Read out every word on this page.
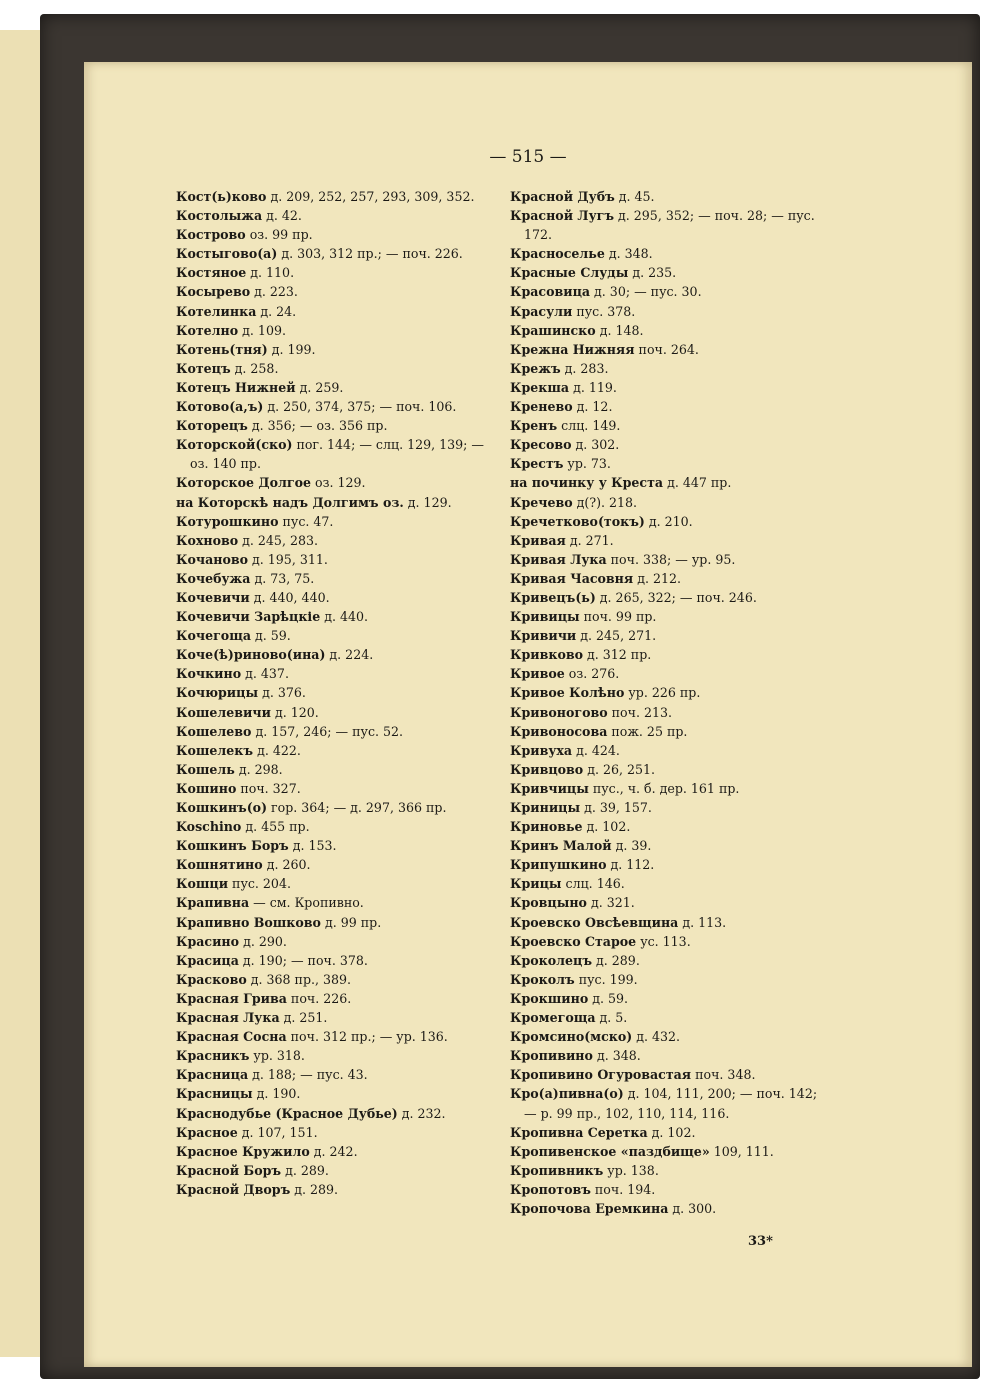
— 515 —

Кост(ь)ково д. 209, 252, 257, 293, 309, 352.

Костолыжа д. 42.

Кострово оз. 99 пр.

Костыгово(а) д. 303, 312 пр.; — поч. 226.

Костяное д. 110.

Косырево д. 223.

Котелинка д. 24.

Котелно д. 109.

Котень(тня) д. 199.

Котецъ д. 258.

Котецъ Нижней д. 259.

Котово(а,ъ) д. 250, 374, 375; — поч. 106.

Которецъ д. 356; — оз. 356 пр.

Которской(ско) пог. 144; — слц. 129, 139; — оз. 140 пр.

Которское Долгое оз. 129.

на Которскѣ надъ Долгимъ оз. д. 129.

Котурошкино пус. 47.

Кохново д. 245, 283.

Кочаново д. 195, 311.

Кочебужа д. 73, 75.

Кочевичи д. 440, 440.

Кочевичи Зарѣцкіе д. 440.

Кочегоща д. 59.

Коче(ѣ)риново(ина) д. 224.

Кочкино д. 437.

Кочюрицы д. 376.

Кошелевичи д. 120.

Кошелево д. 157, 246; — пус. 52.

Кошелекъ д. 422.

Кошель д. 298.

Кошино поч. 327.

Кошкинъ(о) гор. 364; — д. 297, 366 пр.

Koschino д. 455 пр.

Кошкинъ Боръ д. 153.

Кошнятино д. 260.

Кошци пус. 204.

Крапивна — см. Кропивно.

Крапивно Вошково д. 99 пр.

Красино д. 290.

Красица д. 190; — поч. 378.

Красково д. 368 пр., 389.

Красная Грива поч. 226.

Красная Лука д. 251.

Красная Сосна поч. 312 пр.; — ур. 136.

Красникъ ур. 318.

Красница д. 188; — пус. 43.

Красницы д. 190.

Краснодубье (Красное Дубье) д. 232.

Красное д. 107, 151.

Красное Кружило д. 242.

Красной Боръ д. 289.

Красной Дворъ д. 289.

Красной Дубъ д. 45.

Красной Лугъ д. 295, 352; — поч. 28; — пус. 172.

Красноселье д. 348.

Красные Слуды д. 235.

Красовица д. 30; — пус. 30.

Красули пус. 378.

Крашинско д. 148.

Крежна Нижняя поч. 264.

Крежъ д. 283.

Крекша д. 119.

Кренево д. 12.

Кренъ слц. 149.

Кресово д. 302.

Крестъ ур. 73.

на починку у Креста д. 447 пр.

Кречево д(?). 218.

Кречетково(токъ) д. 210.

Кривая д. 271.

Кривая Лука поч. 338; — ур. 95.

Кривая Часовня д. 212.

Кривецъ(ь) д. 265, 322; — поч. 246.

Кривицы поч. 99 пр.

Кривичи д. 245, 271.

Кривково д. 312 пр.

Кривое оз. 276.

Кривое Колѣно ур. 226 пр.

Кривоногово поч. 213.

Кривоносова пож. 25 пр.

Кривуха д. 424.

Кривцово д. 26, 251.

Кривчицы пус., ч. б. дер. 161 пр.

Криницы д. 39, 157.

Криновье д. 102.

Кринъ Малой д. 39.

Крипушкино д. 112.

Крицы слц. 146.

Кровцыно д. 321.

Кроевско Овсѣевщина д. 113.

Кроевско Старое ус. 113.

Кроколецъ д. 289.

Кроколъ пус. 199.

Крокшино д. 59.

Кромегоща д. 5.

Кромсино(мско) д. 432.

Кропивино д. 348.

Кропивино Огуровастая поч. 348.

Кро(а)пивна(о) д. 104, 111, 200; — поч. 142; — р. 99 пр., 102, 110, 114, 116.

Кропивна Серетка д. 102.

Кропивенское «паздбище» 109, 111.

Кропивникъ ур. 138.

Кропотовъ поч. 194.

Кропочова Еремкина д. 300.

33*
